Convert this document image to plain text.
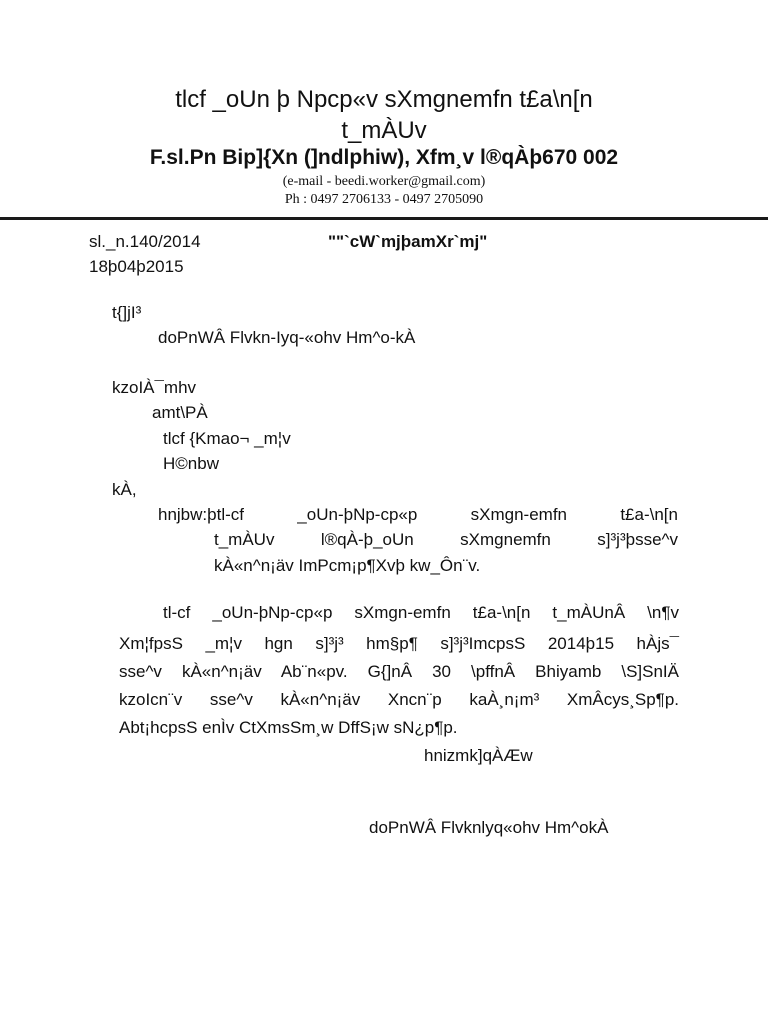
tlcf _oUn þ Npcp«v sXmgnemfn t£a\n[n
t_mÀUv
F.sl.Pn Bip]{Xn (]ndlphiw), Xfm¸v l®qÀþ670 002
(e-mail - beedi.worker@gmail.com)
Ph : 0497 2706133 - 0497 2705090
sl._n.140/2014	""`cW`mjþamXr`mj"
18þ04þ2015
t{]jI³
doPnWÂ Flvkn-Iyq-«ohv Hm^o-kÀ
kzoIÀ¯mhv
amt\PÀ
tlcf {Kmao¬ _m¦v
H©nbw
kÀ,
hnjbw:þtl-cf _oUn-þNp-cp«p sXmgn-emfn t£a-\n[n
t_mÀUv l®qÀ-þ_oUn sXmgnemfn s]³j³þsse^v
kÀ«n^n¡äv ImPcm¡p¶Xvþ kw_Ôn¨v.
tl-cf _oUn-þNp-cp«p sXmgn-emfn t£a-\n[n t_mÀUnÂ \n¶v
Xm¦fpsS _m¦v hgn s]³j³ hm§p¶ s]³j³ImcpsS 2014þ15 hÀjs¯
sse^v kÀ«n^n¡äv Ab¨n«pv. G{]nÂ 30 \pffnÂ Bhiyamb \S]SnIÄ
kzoIcn¨v sse^v kÀ«n^n¡äv Xncn¨p kaÀ¸n¡m³ XmÂcys¸Sp¶p.
Abt¡hcpsS enÌv CtXmsSm¸w DffS¡w sN¿p¶p.
hnizmk]qÀÆw
doPnWÂ Flvknlyq«ohv Hm^okÀ
